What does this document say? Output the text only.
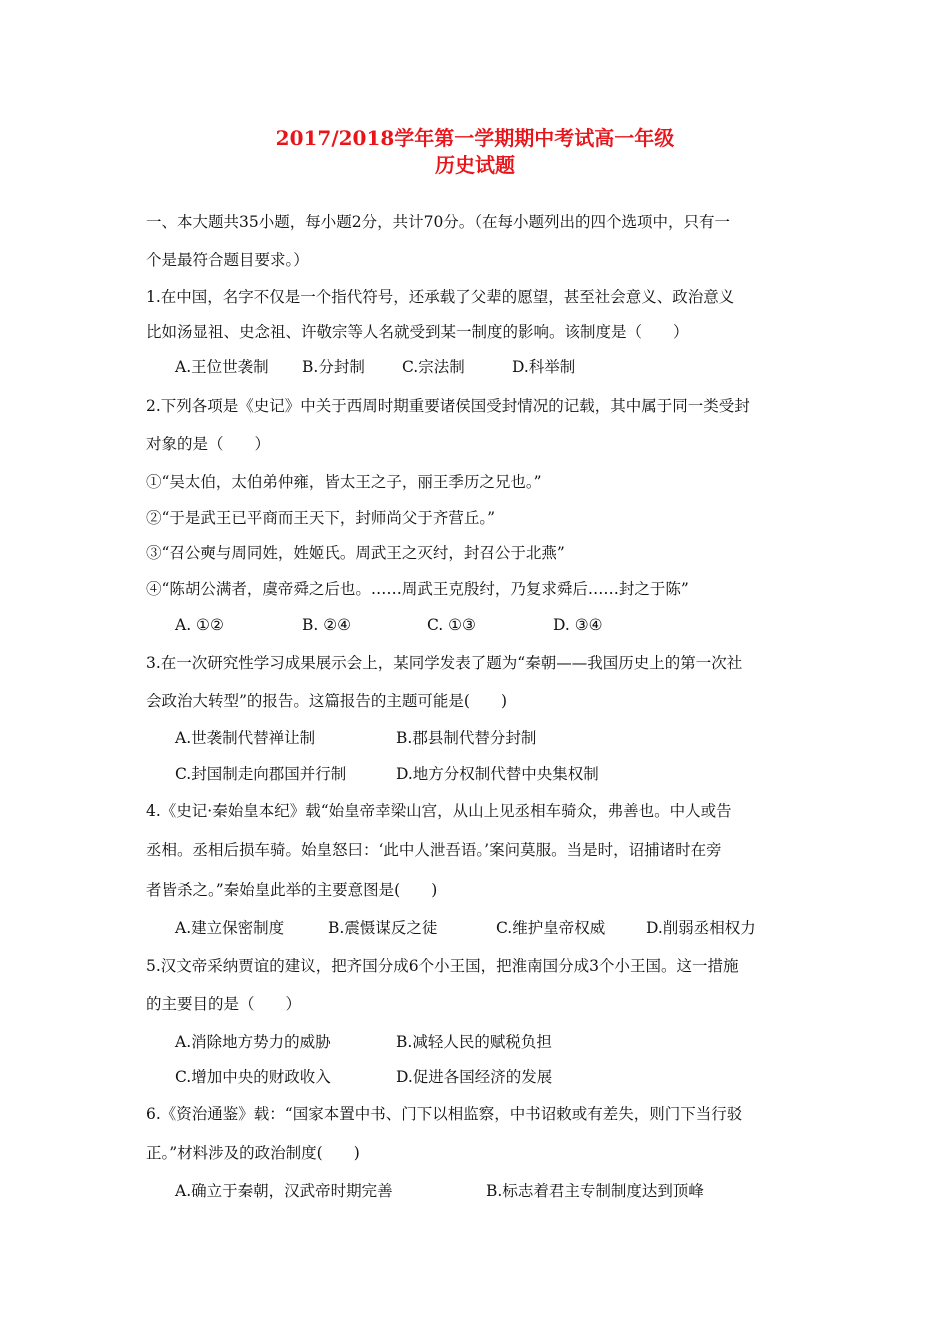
2017/2018学年第一学期期中考试高一年级
历史试题
一、本大题共35小题，每小题2分，共计70分。（在每小题列出的四个选项中，只有一
个是最符合题目要求。）
1.在中国，名字不仅是一个指代符号，还承载了父辈的愿望，甚至社会意义、政治意义
比如汤显祖、史念祖、许敬宗等人名就受到某一制度的影响。该制度是（　　）
A.王位世袭制 B.分封制 C.宗法制	D.科举制
2.下列各项是《史记》中关于西周时期重要诸侯国受封情况的记载，其中属于同一类受封
对象的是（　　）
①“吴太伯，太伯弟仲雍，皆太王之子，丽王季历之兄也。”
②“于是武王已平商而王天下，封师尚父于齐营丘。”
③“召公奭与周同姓，姓姬氏。周武王之灭纣，封召公于北燕”
④“陈胡公满者，虞帝舜之后也。……周武王克殷纣，乃复求舜后……封之于陈”
A. ①②	B. ②④	C. ①③	D. ③④
3.在一次研究性学习成果展示会上，某同学发表了题为“秦朝——我国历史上的第一次社
会政治大转型”的报告。这篇报告的主题可能是(　　)
A.世袭制代替禅让制	B.郡县制代替分封制
C.封国制走向郡国并行制	D.地方分权制代替中央集权制
4.《史记·秦始皇本纪》载“始皇帝幸梁山宫，从山上见丞相车骑众，弗善也。中人或告
丞相。丞相后损车骑。始皇怒曰：‘此中人泄吾语。’案问莫服。当是时，诏捕诸时在旁
者皆杀之。”秦始皇此举的主要意图是(　　)
A.建立保密制度	B.震慑谋反之徒	C.维护皇帝权威	D.削弱丞相权力
5.汉文帝采纳贾谊的建议，把齐国分成6个小王国，把淮南国分成3个小王国。这一措施
的主要目的是（　　）
A.消除地方势力的威胁	B.减轻人民的赋税负担
C.增加中央的财政收入	D.促进各国经济的发展
6.《资治通鉴》载：“国家本置中书、门下以相监察，中书诏敕或有差失，则门下当行驳
正。”材料涉及的政治制度(　　)
A.确立于秦朝，汉武帝时期完善	B.标志着君主专制制度达到顶峰
